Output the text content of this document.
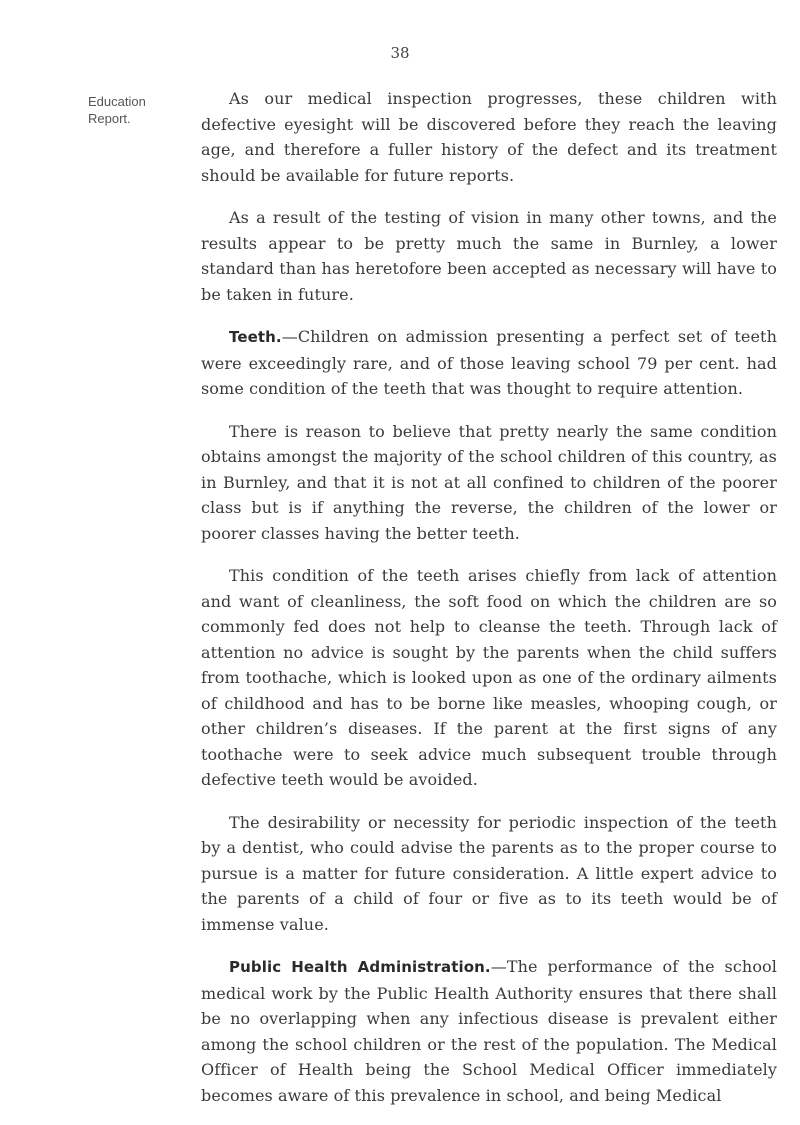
38
Education
Report.

As our medical inspection progresses, these children with defective eyesight will be discovered before they reach the leaving age, and therefore a fuller history of the defect and its treatment should be available for future reports.

As a result of the testing of vision in many other towns, and the results appear to be pretty much the same in Burnley, a lower standard than has heretofore been accepted as necessary will have to be taken in future.

Teeth.—Children on admission presenting a perfect set of teeth were exceedingly rare, and of those leaving school 79 per cent. had some condition of the teeth that was thought to require attention.

There is reason to believe that pretty nearly the same condition obtains amongst the majority of the school children of this country, as in Burnley, and that it is not at all confined to children of the poorer class but is if anything the reverse, the children of the lower or poorer classes having the better teeth.

This condition of the teeth arises chiefly from lack of attention and want of cleanliness, the soft food on which the children are so commonly fed does not help to cleanse the teeth. Through lack of attention no advice is sought by the parents when the child suffers from toothache, which is looked upon as one of the ordinary ailments of childhood and has to be borne like measles, whooping cough, or other children’s diseases. If the parent at the first signs of any toothache were to seek advice much subsequent trouble through defective teeth would be avoided.

The desirability or necessity for periodic inspection of the teeth by a dentist, who could advise the parents as to the proper course to pursue is a matter for future consideration. A little expert advice to the parents of a child of four or five as to its teeth would be of immense value.

Public Health Administration.—The performance of the school medical work by the Public Health Authority ensures that there shall be no overlapping when any infectious disease is prevalent either among the school children or the rest of the population. The Medical Officer of Health being the School Medical Officer immediately becomes aware of this prevalence in school, and being Medical
